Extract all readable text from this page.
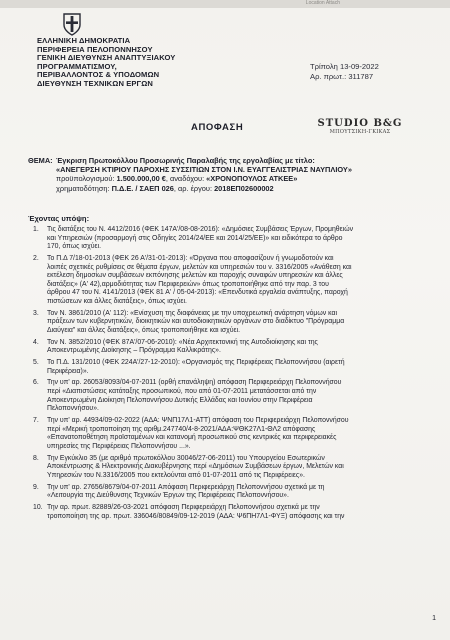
Location Attach
ΕΛΛΗΝΙΚΗ ΔΗΜΟΚΡΑΤΙΑ
ΠΕΡΙΦΕΡΕΙΑ ΠΕΛΟΠΟΝΝΗΣΟΥ
ΓΕΝΙΚΗ ΔΙΕΥΘΥΝΣΗ ΑΝΑΠΤΥΞΙΑΚΟΥ
ΠΡΟΓΡΑΜΜΑΤΙΣΜΟΥ,
ΠΕΡΙΒΑΛΛΟΝΤΟΣ & ΥΠΟΔΟΜΩΝ
ΔΙΕΥΘΥΝΣΗ ΤΕΧΝΙΚΩΝ ΕΡΓΩΝ
Τρίπολη 13-09-2022
Αρ. πρωτ.: 311787
ΑΠΟΦΑΣΗ	STUDIO B&G
ΜΠΟΥΤΣΙΚΗ-ΓΚΙΚΑΣ
ΘΕΜΑ: Έγκριση Πρωτοκόλλου Προσωρινής Παραλαβής της εργολαβίας με τίτλο:
«ΑΝΕΓΕΡΣΗ ΚΤΙΡΙΟΥ ΠΑΡΟΧΗΣ ΣΥΣΣΙΤΙΩΝ ΣΤΟΝ Ι.Ν. ΕΥΑΓΓΕΛΙΣΤΡΙΑΣ ΝΑΥΠΛΙΟΥ»
προϋπολογισμού: 1.500.000,00 €, αναδόχου: «ΧΡΟΝΟΠΟΥΛΟΣ ΑΤΚΕΕ»
χρηματοδότηση: Π.Δ.Ε. / ΣΑΕΠ 026, αρ. έργου: 2018ΕΠ02600002
Έχοντας υπόψη:
1. Τις διατάξεις του Ν. 4412/2016 (ΦΕΚ 147Α'/08-08-2016): «Δημόσιες Συμβάσεις Έργων, Προμηθειών
και Υπηρεσιών (προσαρμογή στις Οδηγίες 2014/24/ΕΕ και 2014/25/ΕΕ)» και ειδικότερα το άρθρο
170, όπως ισχύει.
2. Το Π.Δ 7/18-01-2013 (ΦΕΚ 26 Α'/31-01-2013): «Όργανα που αποφασίζουν ή γνωμοδοτούν και
λοιπές σχετικές ρυθμίσεις σε θέματα έργων, μελετών και υπηρεσιών του ν. 3316/2005 «Ανάθεση και
εκτέλεση δημοσίων συμβάσεων εκπόνησης μελετών και παροχής συναφών υπηρεσιών και άλλες
διατάξεις» (Α' 42),αρμοδιότητας των Περιφερειών» όπως τροποποιήθηκε από την παρ. 3 του
άρθρου 47 του Ν. 4141/2013 (ΦΕΚ 81 Α' / 05-04-2013): «Επενδυτικά εργαλεία ανάπτυξης, παροχή
πιστώσεων και άλλες διατάξεις», όπως ισχύει.
3. Τον Ν. 3861/2010 (Α' 112): «Ενίσχυση της διαφάνειας με την υποχρεωτική ανάρτηση νόμων και
πράξεων των κυβερνητικών, διοικητικών και αυτοδιοικητικών οργάνων στο διαδίκτυο "Πρόγραμμα
Διαύγεια" και άλλες διατάξεις», όπως τροποποιήθηκε και ισχύει.
4. Τον Ν. 3852/2010 (ΦΕΚ 87Α'/07-06-2010): «Νέα Αρχιτεκτονική της Αυτοδιοίκησης και της
Αποκεντρωμένης Διοίκησης – Πρόγραμμα Καλλικράτης».
5. Το Π.Δ. 131/2010 (ΦΕΚ 224Α'/27-12-2010): «Οργανισμός της Περιφέρειας Πελοποννήσου (αιρετή
Περιφέρεια)».
6. Την υπ' αρ. 26053/8093/04-07-2011 (ορθή επανάληψη) απόφαση Περιφερειάρχη Πελοποννήσου
περί «Διαπιστώσεις κατάταξης προσωπικού, που από 01-07-2011 μετατάσσεται από την
Αποκεντρωμένη Διοίκηση Πελοποννήσου Δυτικής Ελλάδας και Ιουνίου στην Περιφέρεια
Πελοποννήσου».
7. Την υπ' αρ. 44934/09-02-2022 (ΑΔΑ: ΨΝΠ17Λ1-ΑΤΤ) απόφαση του Περιφερειάρχη Πελοποννήσου
περί «Μερική τροποποίηση της αριθμ.247740/4-8-2021/ΑΔΑ:ΨΘΚ27Λ1-ΘΛ2 απόφασης
«Επανατοποθέτηση προϊσταμένων και κατανομή προσωπικού στις κεντρικές και περιφερειακές
υπηρεσίες της Περιφέρειας Πελοποννήσου ...».
8. Την Εγκύκλιο 35 (με αριθμό πρωτοκόλλου 30046/27-06-2011) του Υπουργείου Εσωτερικών
Αποκέντρωσης & Ηλεκτρονικής Διακυβέρνησης περί «Δημόσιων Συμβάσεων έργων, Μελετών και
Υπηρεσιών του Ν.3316/2005 που εκτελούνται από 01-07-2011 από τις Περιφέρειες».
9. Την υπ' αρ. 27656/8679/04-07-2011 Απόφαση Περιφερειάρχη Πελοποννήσου σχετικά με τη
«Λειτουργία της Διεύθυνσης Τεχνικών Έργων της Περιφέρειας Πελοποννήσου».
10. Την αρ. πρωτ. 82889/26-03-2021 απόφαση Περιφερειάρχη Πελοποννήσου σχετικά με την
τροποποίηση της αρ. πρωτ. 336046/80849/09-12-2019 (ΑΔΑ: Ψ6ΠΗ7Λ1-ΦΥΞ) απόφασης και την
1
